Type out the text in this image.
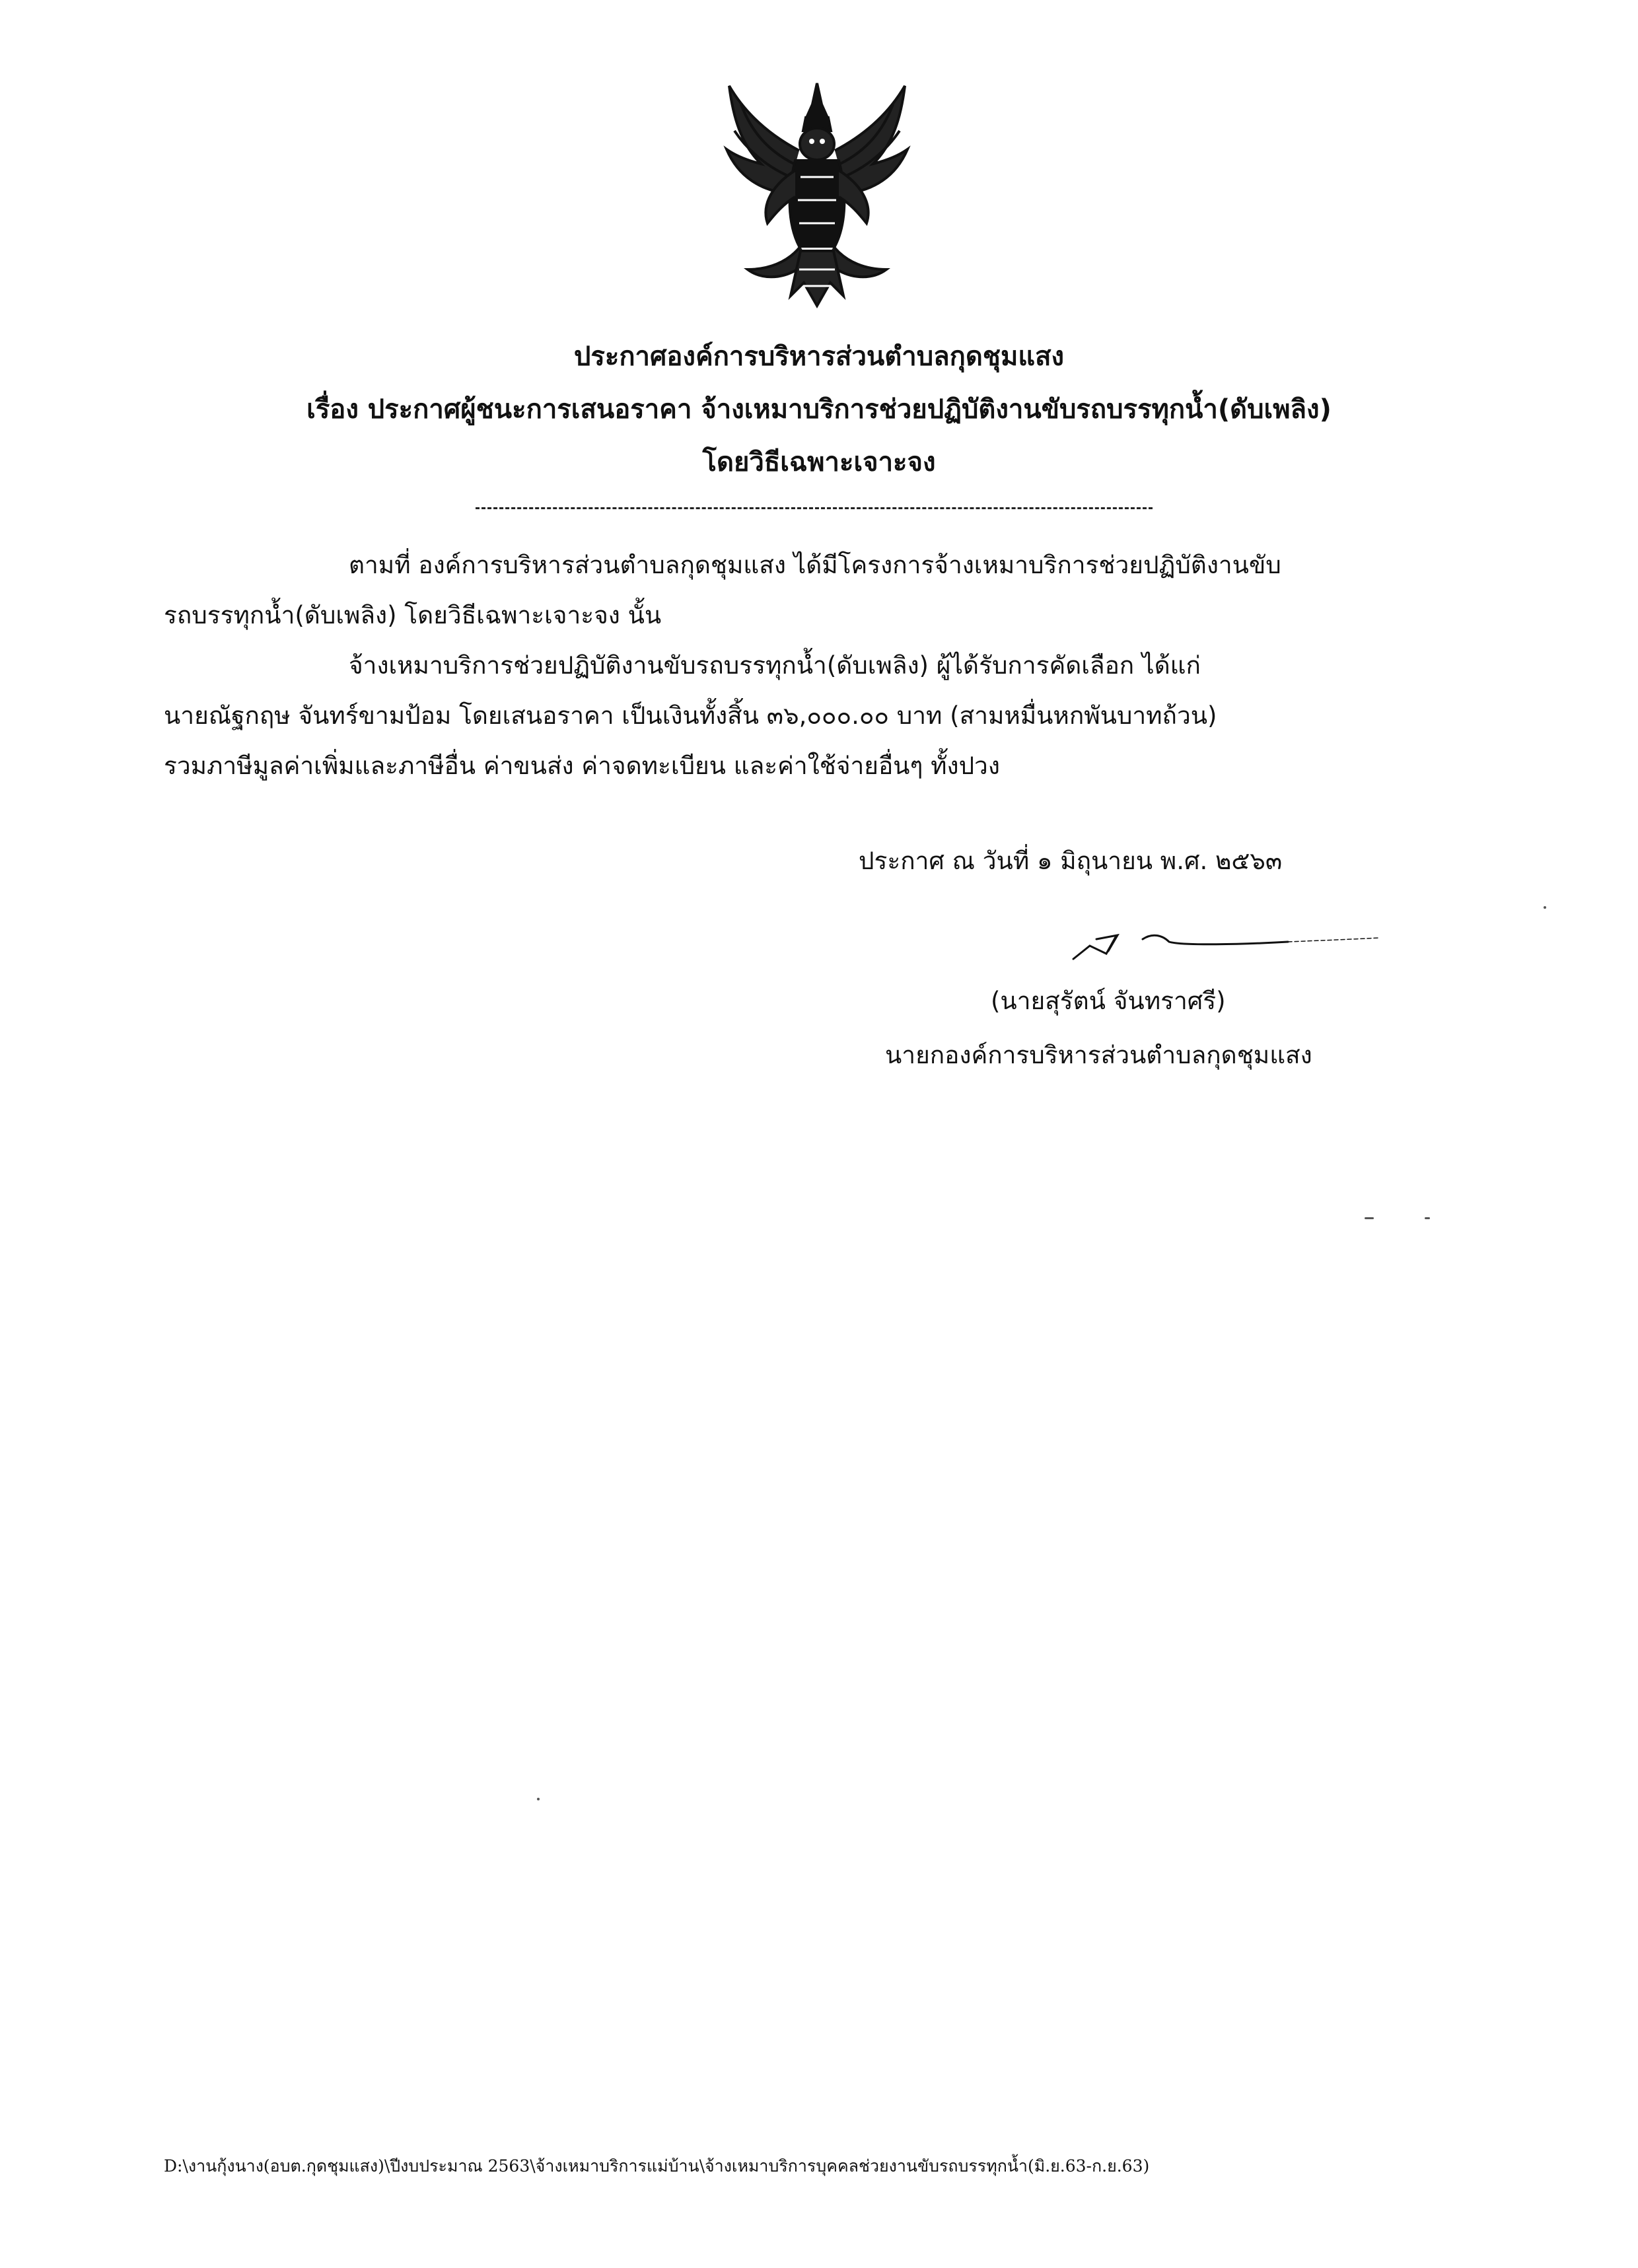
ประกาศองค์การบริหารส่วนตำบลกุดชุมแสง
เรื่อง ประกาศผู้ชนะการเสนอราคา จ้างเหมาบริการช่วยปฏิบัติงานขับรถบรรทุกน้ำ(ดับเพลิง)
โดยวิธีเฉพาะเจาะจง
ตามที่ องค์การบริหารส่วนตำบลกุดชุมแสง ได้มีโครงการจ้างเหมาบริการช่วยปฏิบัติงานขับ
รถบรรทุกน้ำ(ดับเพลิง) โดยวิธีเฉพาะเจาะจง นั้น
จ้างเหมาบริการช่วยปฏิบัติงานขับรถบรรทุกน้ำ(ดับเพลิง) ผู้ได้รับการคัดเลือก ได้แก่
นายณัฐกฤษ จันทร์ขามป้อม โดยเสนอราคา เป็นเงินทั้งสิ้น ๓๖,๐๐๐.๐๐ บาท (สามหมื่นหกพันบาทถ้วน)
รวมภาษีมูลค่าเพิ่มและภาษีอื่น ค่าขนส่ง ค่าจดทะเบียน และค่าใช้จ่ายอื่นๆ ทั้งปวง
ประกาศ ณ วันที่ ๑ มิถุนายน พ.ศ. ๒๕๖๓
(นายสุรัตน์ จันทราศรี)
นายกองค์การบริหารส่วนตำบลกุดชุมแสง
D:\งานกุ้งนาง(อบต.กุดชุมแสง)\ปีงบประมาณ 2563\จ้างเหมาบริการแม่บ้าน\จ้างเหมาบริการบุคคลช่วยงานขับรถบรรทุกน้ำ(มิ.ย.63-ก.ย.63)
